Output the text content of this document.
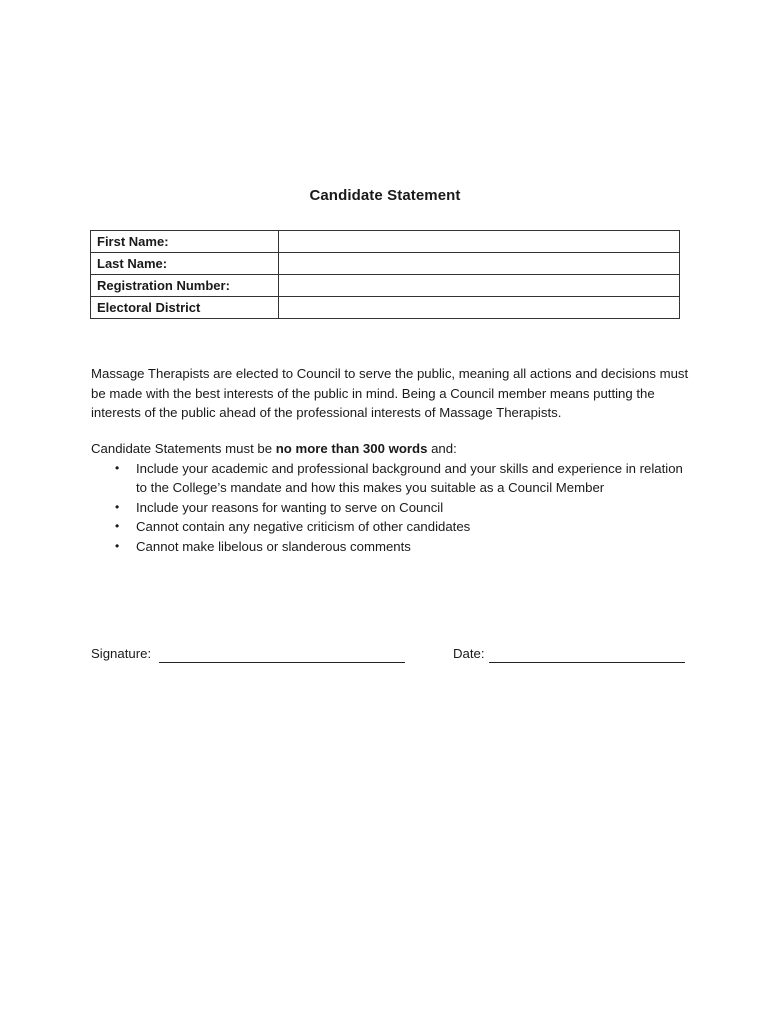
Candidate Statement
First Name:	
Last Name:	
Registration Number:	
Electoral District	

Massage Therapists are elected to Council to serve the public, meaning all actions and decisions must be made with the best interests of the public in mind. Being a Council member means putting the interests of the public ahead of the professional interests of Massage Therapists.

Candidate Statements must be no more than 300 words and:

• Include your academic and professional background and your skills and experience in relation to the College’s mandate and how this makes you suitable as a Council Member
• Include your reasons for wanting to serve on Council
• Cannot contain any negative criticism of other candidates
• Cannot make libelous or slanderous comments
Signature:	Date:
